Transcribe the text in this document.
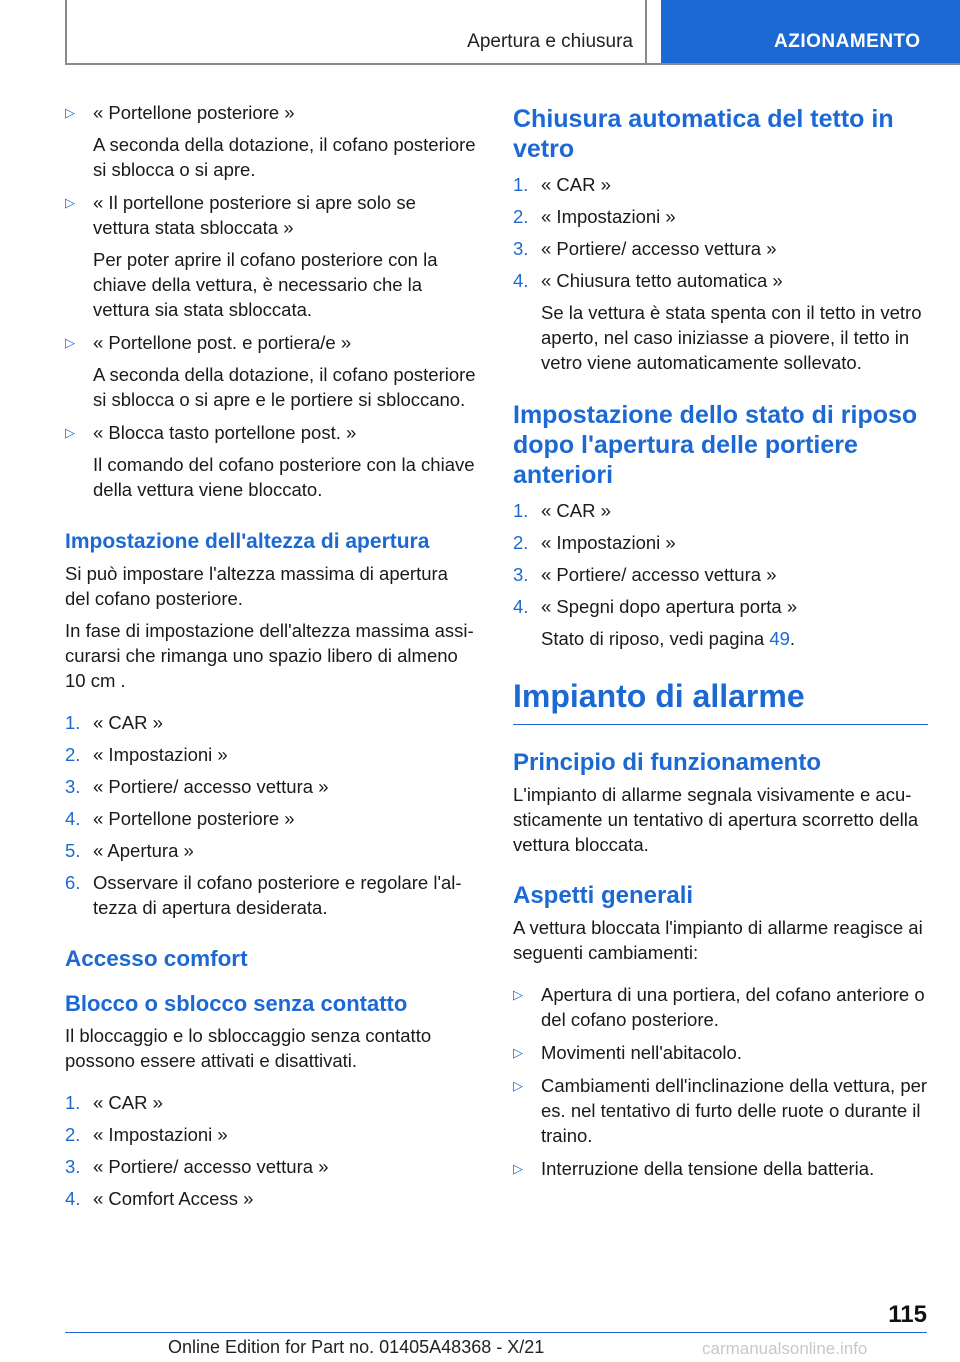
Apertura e chiusura	AZIONAMENTO
▷ « Portellone posteriore »
A seconda della dotazione, il cofano posteriore si sblocca o si apre.
▷ « Il portellone posteriore si apre solo se vettura stata sbloccata »
Per poter aprire il cofano posteriore con la chiave della vettura, è necessario che la vettura sia stata sbloccata.
▷ « Portellone post. e portiera/e »
A seconda della dotazione, il cofano posteriore si sblocca o si apre e le portiere si sbloccano.
▷ « Blocca tasto portellone post. »
Il comando del cofano posteriore con la chiave della vettura viene bloccato.
Impostazione dell'altezza di apertura

Si può impostare l'altezza massima di apertura del cofano posteriore.

In fase di impostazione dell'altezza massima assicurarsi che rimanga uno spazio libero di almeno 10 cm .

1. « CAR »
2. « Impostazioni »
3. « Portiere/ accesso vettura »
4. « Portellone posteriore »
5. « Apertura »
6. Osservare il cofano posteriore e regolare l'altezza di apertura desiderata.
Accesso comfort
Blocco o sblocco senza contatto

Il bloccaggio e lo sbloccaggio senza contatto possono essere attivati e disattivati.

1. « CAR »
2. « Impostazioni »
3. « Portiere/ accesso vettura »
4. « Comfort Access »
Chiusura automatica del tetto in vetro
1. « CAR »
2. « Impostazioni »
3. « Portiere/ accesso vettura »
4. « Chiusura tetto automatica »

Se la vettura è stata spenta con il tetto in vetro aperto, nel caso iniziasse a piovere, il tetto in vetro viene automaticamente sollevato.

Impostazione dello stato di riposo dopo l'apertura delle portiere anteriori
1. « CAR »
2. « Impostazioni »
3. « Portiere/ accesso vettura »
4. « Spegni dopo apertura porta »

Stato di riposo, vedi pagina 49.

Impianto di allarme
Principio di funzionamento

L'impianto di allarme segnala visivamente e acusticamente un tentativo di apertura scorretto della vettura bloccata.

Aspetti generali

A vettura bloccata l'impianto di allarme reagisce ai seguenti cambiamenti:

▷ Apertura di una portiera, del cofano anteriore o del cofano posteriore.
▷ Movimenti nell'abitacolo.
▷ Cambiamenti dell'inclinazione della vettura, per es. nel tentativo di furto delle ruote o durante il traino.
▷ Interruzione della tensione della batteria.
115
Online Edition for Part no. 01405A48368 - X/21	carmanualsonline.info
